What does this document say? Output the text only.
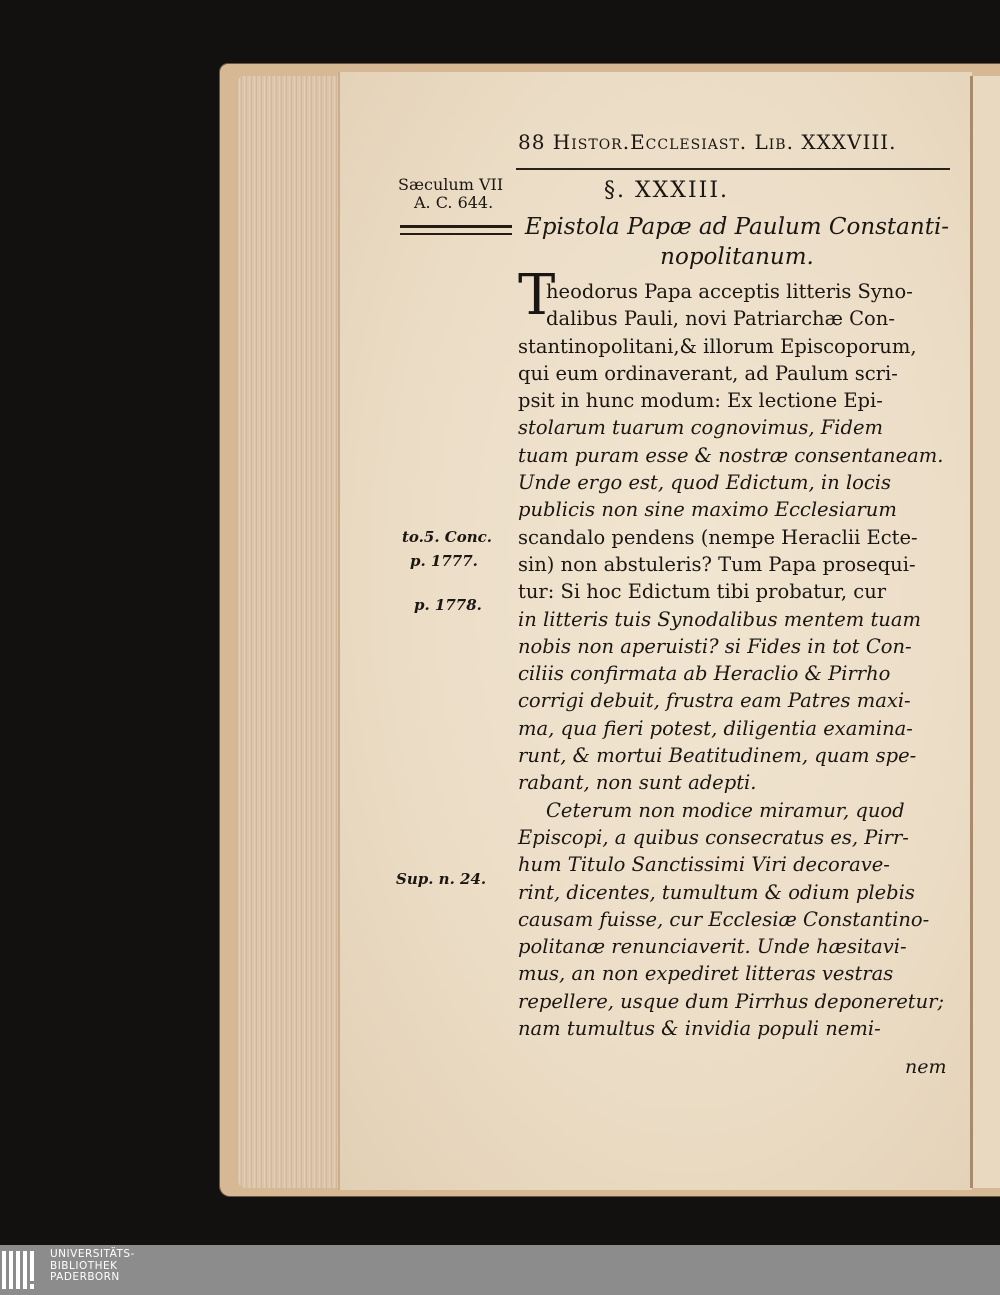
88 Histor.Ecclesiast. Lib. XXXVIII.
Sæculum VII
A. C. 644.
to.5. Conc.
p. 1777.
p. 1778.
Sup. n. 24.
§. XXXIII.
Epistola Papæ ad Paulum Constanti-
nopolitanum.
T
heodorus Papa acceptis litteris Syno-
dalibus Pauli, novi Patriarchæ Con-
stantinopolitani,& illorum Episcoporum,
qui eum ordinaverant, ad Paulum scri-
psit in hunc modum: Ex lectione Epi-
stolarum tuarum cognovimus, Fidem
tuam puram esse & nostræ consentaneam.
Unde ergo est, quod Edictum, in locis
publicis non sine maximo Ecclesiarum
scandalo pendens (nempe Heraclii Ecte-
sin) non abstuleris? Tum Papa prosequi-
tur: Si hoc Edictum tibi probatur, cur
in litteris tuis Synodalibus mentem tuam
nobis non aperuisti? si Fides in tot Con-
ciliis confirmata ab Heraclio & Pirrho
corrigi debuit, frustra eam Patres maxi-
ma, qua fieri potest, diligentia examina-
runt, & mortui Beatitudinem, quam spe-
rabant, non sunt adepti.
Ceterum non modice miramur, quod
Episcopi, a quibus consecratus es, Pirr-
hum Titulo Sanctissimi Viri decorave-
rint, dicentes, tumultum & odium plebis
causam fuisse, cur Ecclesiæ Constantino-
politanæ renunciaverit. Unde hæsitavi-
mus, an non expediret litteras vestras
repellere, usque dum Pirrhus deponeretur;
nam tumultus & invidia populi nemi-
nem
UNIVERSITÄTS-
BIBLIOTHEK
PADERBORN
